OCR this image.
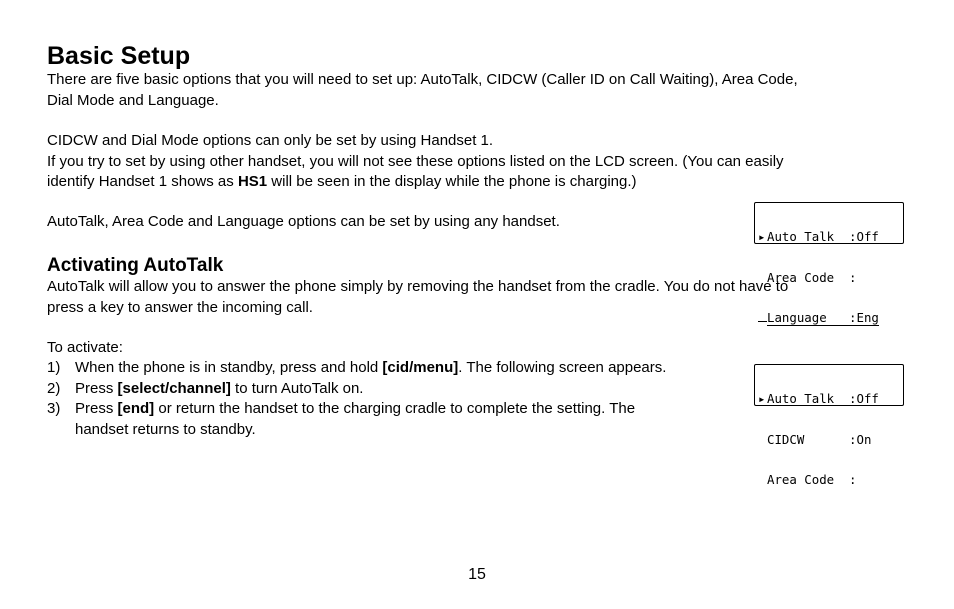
Basic Setup

There are five basic options that you will need to set up: AutoTalk, CIDCW (Caller ID on Call Waiting), Area Code,

Dial Mode and Language.

CIDCW and Dial Mode options can only be set by using Handset 1.

If you try to set by using other handset, you will not see these options listed on the LCD screen. (You can easily

identify Handset 1 shows as HS1 will be seen in the display while the phone is charging.)

AutoTalk, Area Code and Language options can be set by using any handset.

▸ Auto Talk  :Off

Area Code  :

Language   :Eng

Activating AutoTalk

AutoTalk will allow you to answer the phone simply by removing the handset from the cradle. You do not have to

press a key to answer the incoming call.

To activate:

1) When the phone is in standby, press and hold [cid/menu]. The following screen appears.
2) Press [select/channel] to turn AutoTalk on.
3) Press [end] or return the handset to the charging cradle to complete the setting. The
handset returns to standby.

▸ Auto Talk  :Off

CIDCW      :On

Area Code  :

15
